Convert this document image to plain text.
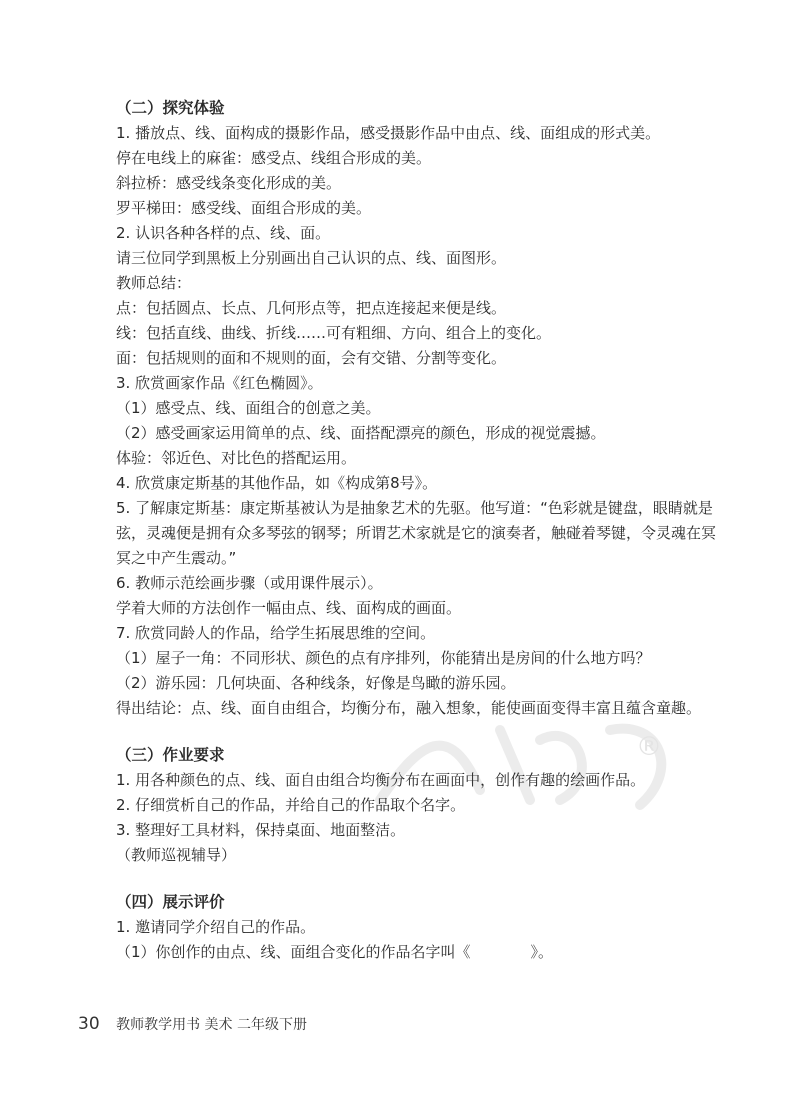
®
（二）探究体验
1. 播放点、线、面构成的摄影作品，感受摄影作品中由点、线、面组成的形式美。
停在电线上的麻雀：感受点、线组合形成的美。
斜拉桥：感受线条变化形成的美。
罗平梯田：感受线、面组合形成的美。
2. 认识各种各样的点、线、面。
请三位同学到黑板上分别画出自己认识的点、线、面图形。
教师总结：
点：包括圆点、长点、几何形点等，把点连接起来便是线。
线：包括直线、曲线、折线……可有粗细、方向、组合上的变化。
面：包括规则的面和不规则的面，会有交错、分割等变化。
3. 欣赏画家作品《红色椭圆》。
（1）感受点、线、面组合的创意之美。
（2）感受画家运用简单的点、线、面搭配漂亮的颜色，形成的视觉震撼。
体验：邻近色、对比色的搭配运用。
4. 欣赏康定斯基的其他作品，如《构成第8号》。
5. 了解康定斯基：康定斯基被认为是抽象艺术的先驱。他写道：“色彩就是键盘，眼睛就是弦，灵魂便是拥有众多琴弦的钢琴；所谓艺术家就是它的演奏者，触碰着琴键，令灵魂在冥冥之中产生震动。”
6. 教师示范绘画步骤（或用课件展示）。
学着大师的方法创作一幅由点、线、面构成的画面。
7. 欣赏同龄人的作品，给学生拓展思维的空间。
（1）屋子一角：不同形状、颜色的点有序排列，你能猜出是房间的什么地方吗？
（2）游乐园：几何块面、各种线条，好像是鸟瞰的游乐园。
得出结论：点、线、面自由组合，均衡分布，融入想象，能使画面变得丰富且蕴含童趣。
（三）作业要求
1. 用各种颜色的点、线、面自由组合均衡分布在画面中，创作有趣的绘画作品。
2. 仔细赏析自己的作品，并给自己的作品取个名字。
3. 整理好工具材料，保持桌面、地面整洁。
（教师巡视辅导）
（四）展示评价
1. 邀请同学介绍自己的作品。
（1）你创作的由点、线、面组合变化的作品名字叫《　　　　》。
30 教师教学用书 美术 二年级下册
